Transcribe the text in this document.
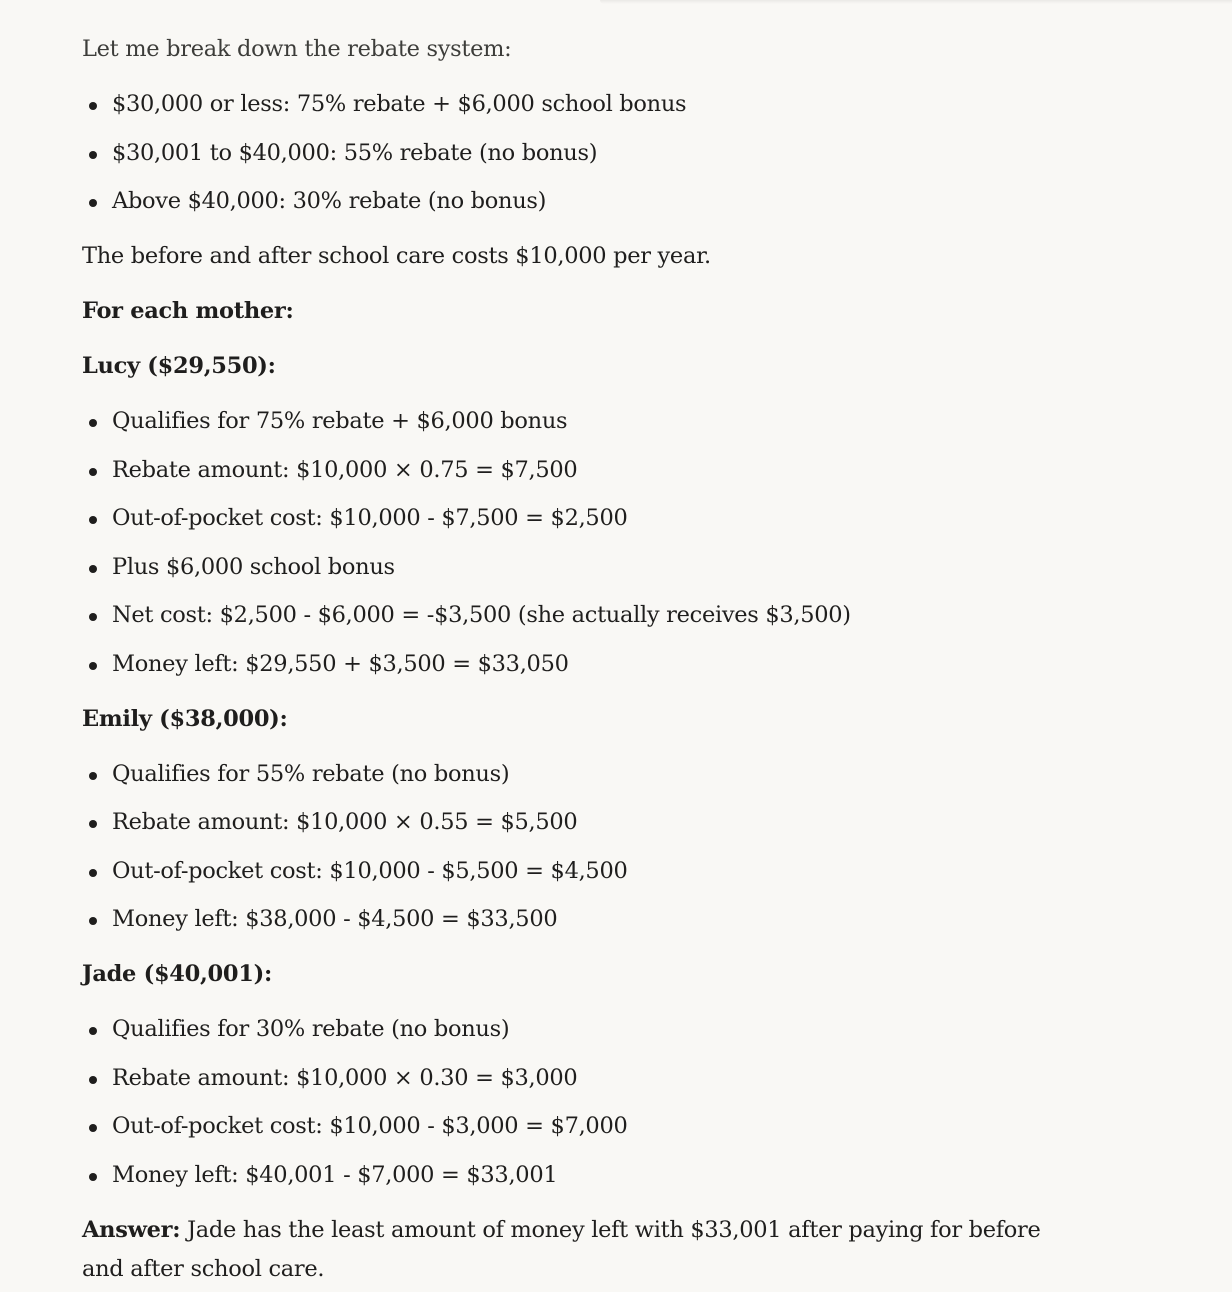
Let me break down the rebate system:

$30,000 or less: 75% rebate + $6,000 school bonus
$30,001 to $40,000: 55% rebate (no bonus)
Above $40,000: 30% rebate (no bonus)

The before and after school care costs $10,000 per year.

For each mother:

Lucy ($29,550):

Qualifies for 75% rebate + $6,000 bonus
Rebate amount: $10,000 × 0.75 = $7,500
Out-of-pocket cost: $10,000 - $7,500 = $2,500
Plus $6,000 school bonus
Net cost: $2,500 - $6,000 = -$3,500 (she actually receives $3,500)
Money left: $29,550 + $3,500 = $33,050

Emily ($38,000):

Qualifies for 55% rebate (no bonus)
Rebate amount: $10,000 × 0.55 = $5,500
Out-of-pocket cost: $10,000 - $5,500 = $4,500
Money left: $38,000 - $4,500 = $33,500

Jade ($40,001):

Qualifies for 30% rebate (no bonus)
Rebate amount: $10,000 × 0.30 = $3,000
Out-of-pocket cost: $10,000 - $3,000 = $7,000
Money left: $40,001 - $7,000 = $33,001

Answer: Jade has the least amount of money left with $33,001 after paying for before and after school care.
